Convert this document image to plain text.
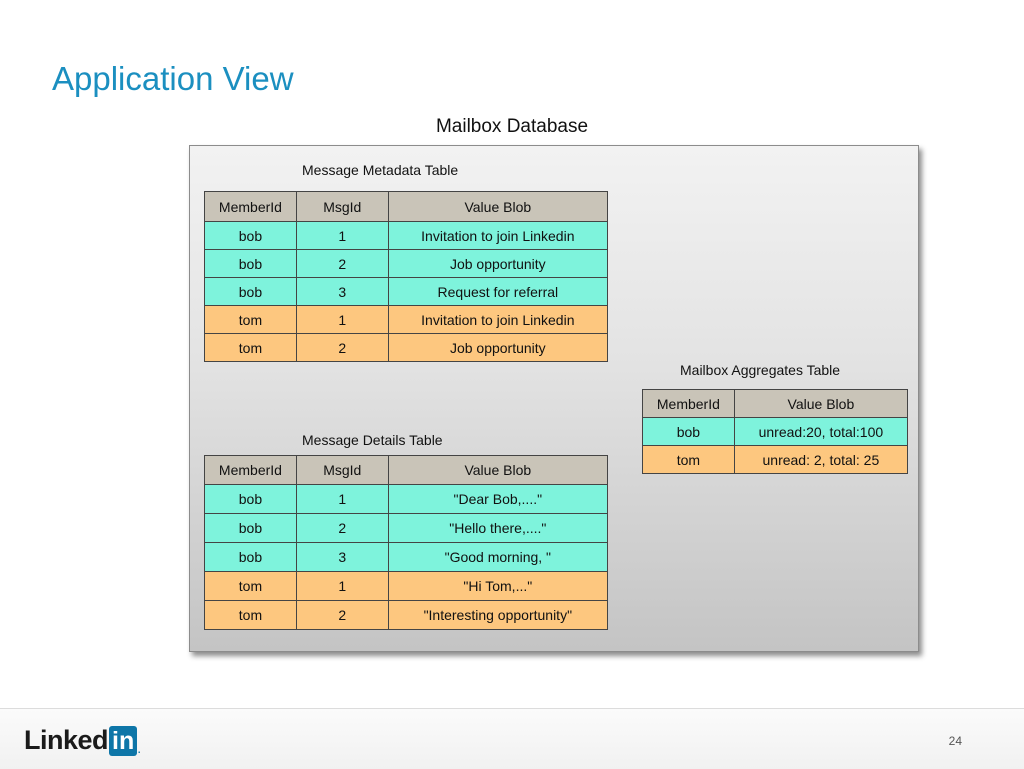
Application View
Mailbox Database
Message Metadata Table
MemberId	MsgId	Value Blob
bob	1	Invitation to join Linkedin
bob	2	Job opportunity
bob	3	Request for referral
tom	1	Invitation to join Linkedin
tom	2	Job opportunity
Message Details Table
MemberId	MsgId	Value Blob
bob	1	"Dear Bob,...."
bob	2	"Hello there,...."
bob	3	"Good morning, "
tom	1	"Hi Tom,..."
tom	2	"Interesting opportunity"
Mailbox Aggregates Table
MemberId	Value Blob
bob	unread:20, total:100
tom	unread: 2, total: 25
Linked in .	24
